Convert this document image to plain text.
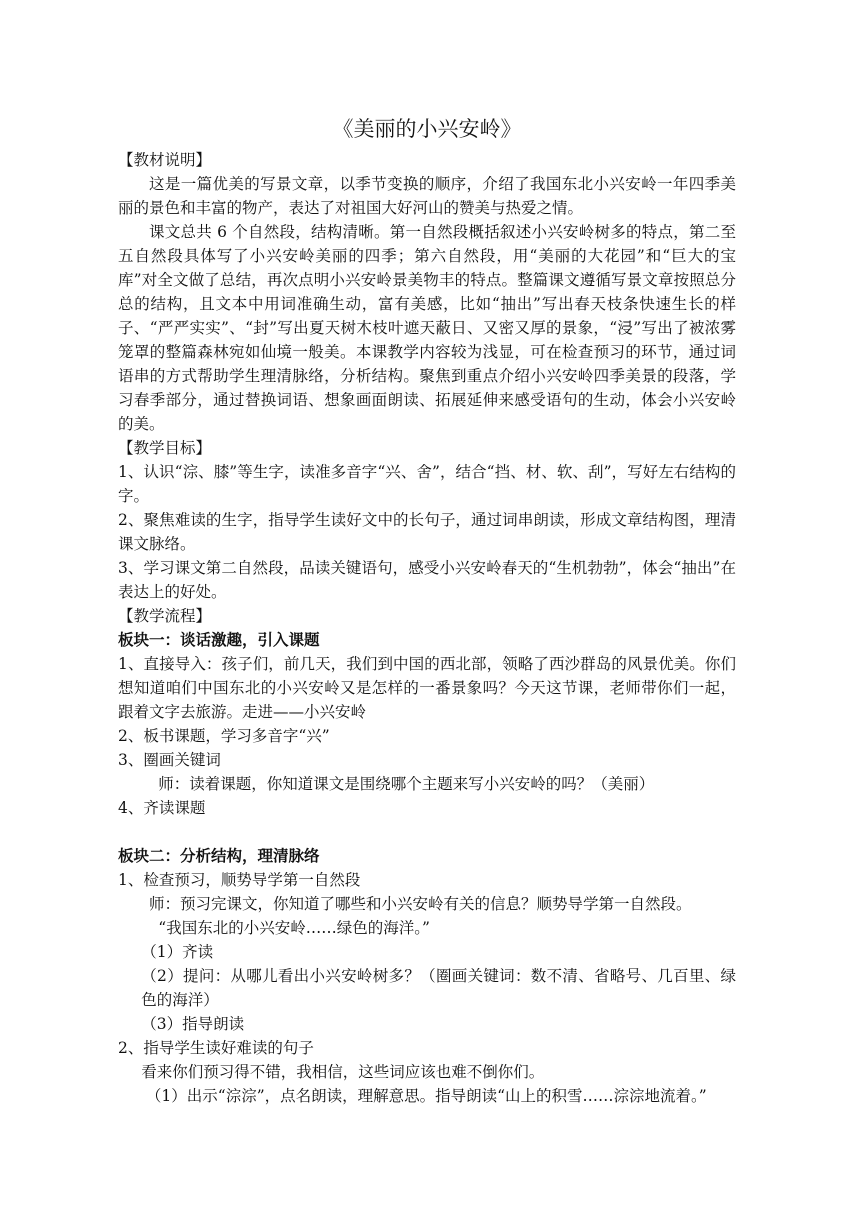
《美丽的小兴安岭》

【教材说明】

这是一篇优美的写景文章，以季节变换的顺序，介绍了我国东北小兴安岭一年四季美丽的景色和丰富的物产，表达了对祖国大好河山的赞美与热爱之情。

课文总共 6 个自然段，结构清晰。第一自然段概括叙述小兴安岭树多的特点，第二至五自然段具体写了小兴安岭美丽的四季；第六自然段，用“美丽的大花园”和“巨大的宝库”对全文做了总结，再次点明小兴安岭景美物丰的特点。整篇课文遵循写景文章按照总分总的结构，且文本中用词准确生动，富有美感，比如“抽出”写出春天枝条快速生长的样子、“严严实实”、“封”写出夏天树木枝叶遮天蔽日、又密又厚的景象，“浸”写出了被浓雾笼罩的整篇森林宛如仙境一般美。本课教学内容较为浅显，可在检查预习的环节，通过词语串的方式帮助学生理清脉络，分析结构。聚焦到重点介绍小兴安岭四季美景的段落，学习春季部分，通过替换词语、想象画面朗读、拓展延伸来感受语句的生动，体会小兴安岭的美。

【教学目标】

1、认识“淙、膝”等生字，读准多音字“兴、舍”，结合“挡、材、软、刮”，写好左右结构的字。

2、聚焦难读的生字，指导学生读好文中的长句子，通过词串朗读，形成文章结构图，理清课文脉络。

3、学习课文第二自然段，品读关键语句，感受小兴安岭春天的“生机勃勃”，体会“抽出”在表达上的好处。

【教学流程】

板块一：谈话激趣，引入课题

1、直接导入：孩子们，前几天，我们到中国的西北部，领略了西沙群岛的风景优美。你们想知道咱们中国东北的小兴安岭又是怎样的一番景象吗？今天这节课，老师带你们一起，跟着文字去旅游。走进——小兴安岭

2、板书课题，学习多音字“兴”

3、圈画关键词

师：读着课题，你知道课文是围绕哪个主题来写小兴安岭的吗？（美丽）

4、齐读课题

板块二：分析结构，理清脉络

1、检查预习，顺势导学第一自然段

师：预习完课文，你知道了哪些和小兴安岭有关的信息？顺势导学第一自然段。

“我国东北的小兴安岭……绿色的海洋。”

（1）齐读

（2）提问：从哪儿看出小兴安岭树多？（圈画关键词：数不清、省略号、几百里、绿色的海洋）

（3）指导朗读

2、指导学生读好难读的句子

看来你们预习得不错，我相信，这些词应该也难不倒你们。

（1）出示“淙淙”，点名朗读，理解意思。指导朗读“山上的积雪……淙淙地流着。”
